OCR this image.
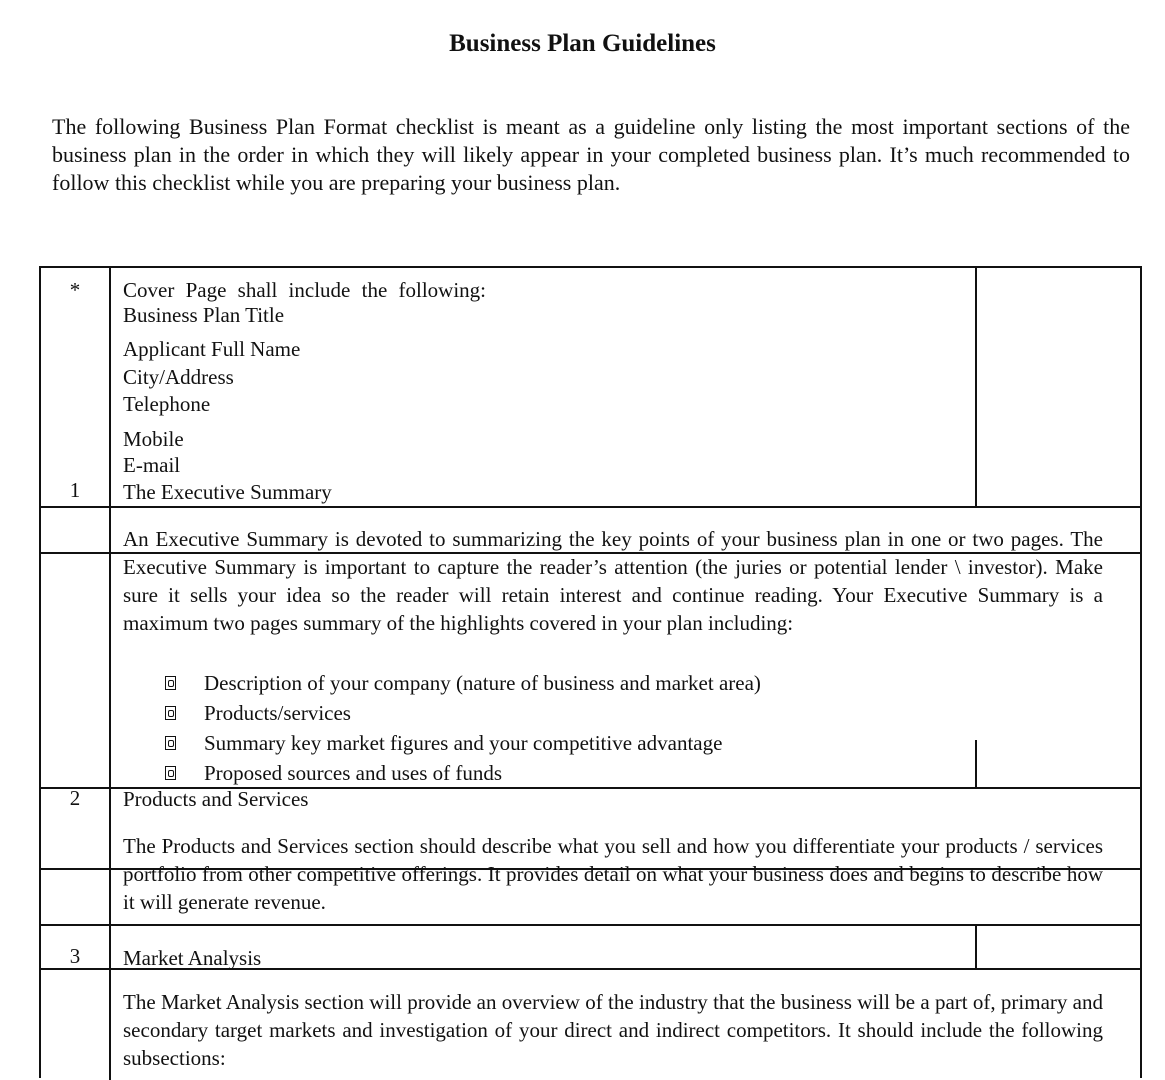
Business Plan Guidelines
The following Business Plan Format checklist is meant as a guideline only listing the most important sections of the business plan in the order in which they will likely appear in your completed business plan. It’s much recommended to follow this checklist while you are preparing your business plan.
*	Cover Page shall include the following:
Business Plan Title
Applicant Full Name
City/Address
Telephone
Mobile
E-mail
1	The Executive Summary
An Executive Summary is devoted to summarizing the key points of your business plan in one or two pages. The Executive Summary is important to capture the reader’s attention (the juries or potential lender \ investor). Make sure it sells your idea so the reader will retain interest and continue reading. Your Executive Summary is a maximum two pages summary of the highlights covered in your plan including:
Description of your company (nature of business and market area)
Products/services
Summary key market figures and your competitive advantage
Proposed sources and uses of funds
2	Products and Services
The Products and Services section should describe what you sell and how you differentiate your products / services portfolio from other competitive offerings. It provides detail on what your business does and begins to describe how it will generate revenue.
3	Market Analysis
The Market Analysis section will provide an overview of the industry that the business will be a part of, primary and secondary target markets and investigation of your direct and indirect competitors. It should include the following subsections:
